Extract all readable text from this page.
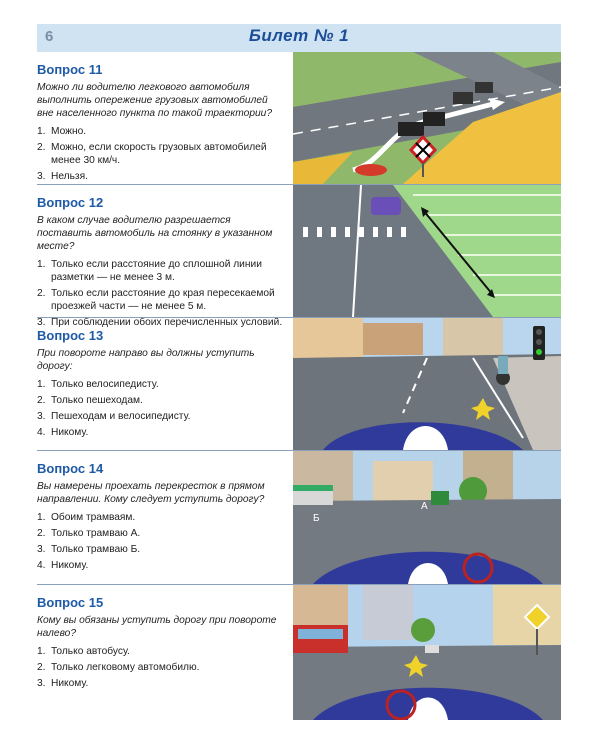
6	Билет № 1
Вопрос 11
Можно ли водителю легкового автомобиля выполнить опережение грузовых автомобилей вне населенного пункта по такой траектории?
1. Можно.
2. Можно, если скорость грузовых автомобилей менее 30 км/ч.
3. Нельзя.
Вопрос 12
В каком случае водителю разрешается поставить автомобиль на стоянку в указанном месте?
1. Только если расстояние до сплошной линии разметки — не менее 3 м.
2. Только если расстояние до края пересекаемой проезжей части — не менее 5 м.
3. При соблюдении обоих перечисленных условий.
Вопрос 13
При повороте направо вы должны уступить дорогу:
1. Только велосипедисту.
2. Только пешеходам.
3. Пешеходам и велосипедисту.
4. Никому.
Вопрос 14
Вы намерены проехать перекресток в прямом направлении. Кому следует уступить дорогу?
1. Обоим трамваям.
2. Только трамваю А.
3. Только трамваю Б.
4. Никому.
Б
А
Вопрос 15
Кому вы обязаны уступить дорогу при повороте налево?
1. Только автобусу.
2. Только легковому автомобилю.
3. Никому.
